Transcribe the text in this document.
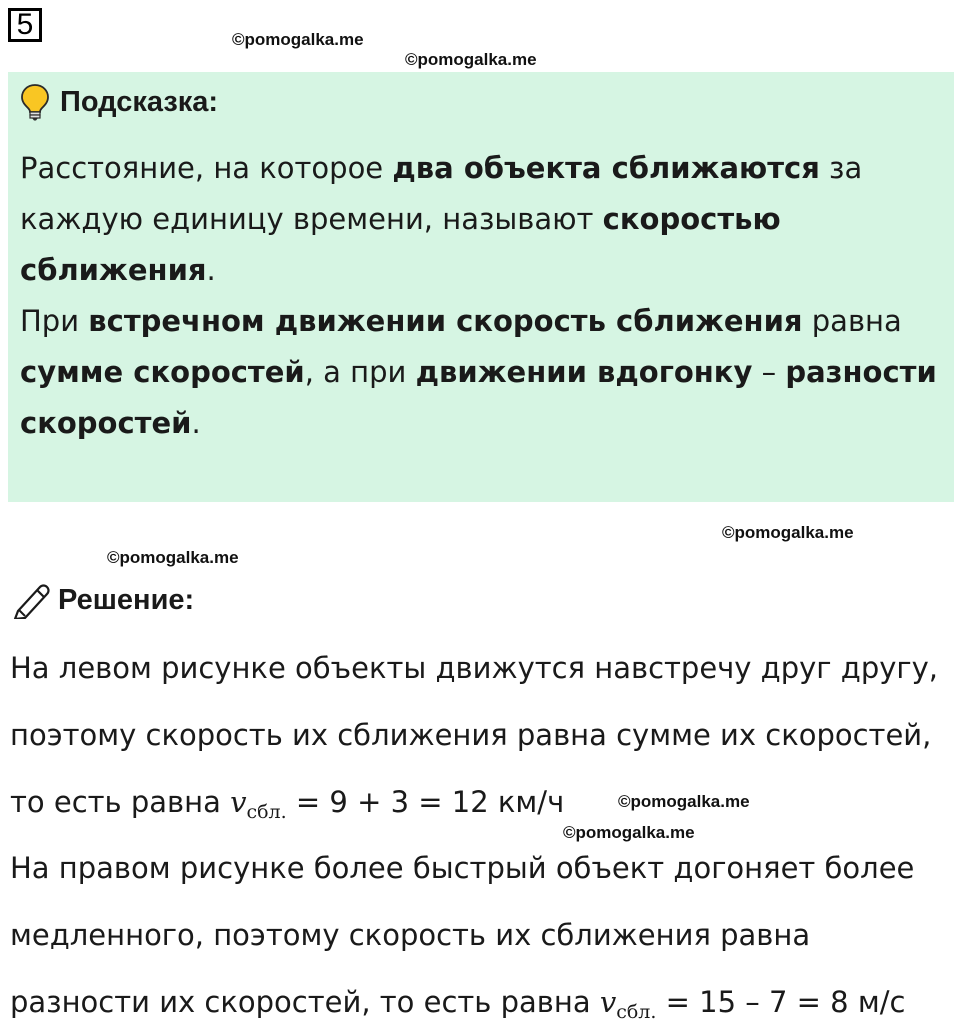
5	©pomogalka.me
©pomogalka.me
Подсказка:
Расстояние, на которое два объекта сближаются за каждую единицу времени, называют скоростью сближения.
При встречном движении скорость сближения равна сумме скоростей, а при движении вдогонку – разности скоростей.
©pomogalka.me
©pomogalka.me
Решение:
На левом рисунке объекты движутся навстречу друг другу,
поэтому скорость их сближения равна сумме их скоростей,
то есть равна $v_{сбл.} = 9 + 3 = 12$ км/ч	©pomogalka.me
©pomogalka.me
На правом рисунке более быстрый объект догоняет более
медленного, поэтому скорость их сближения равна
разности их скоростей, то есть равна $v_{сбл.} = 15 - 7 = 8$ м/с
